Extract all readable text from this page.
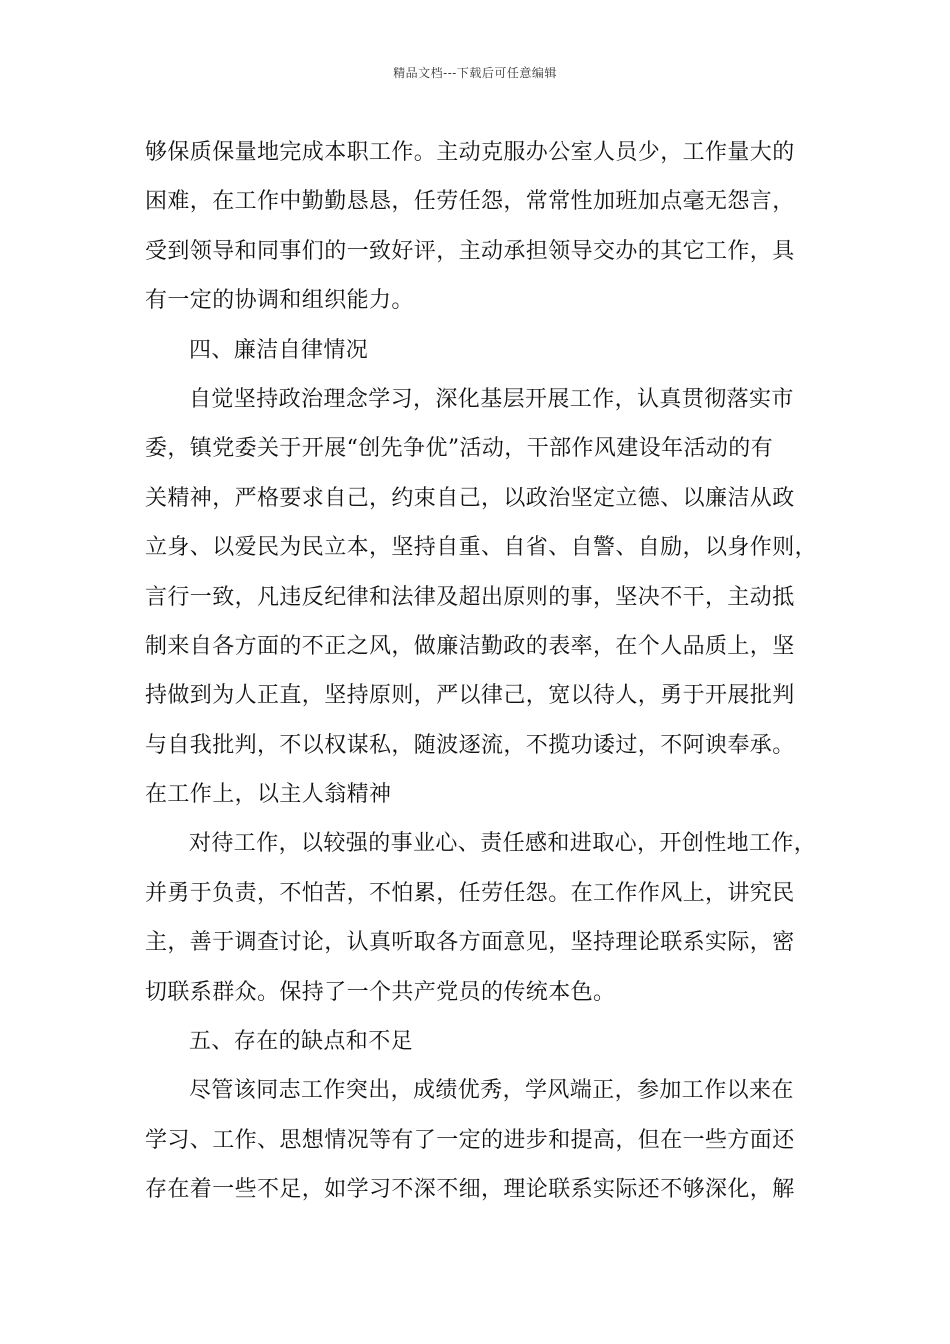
精品文档---下载后可任意编辑
够保质保量地完成本职工作。主动克服办公室人员少，工作量大的
困难，在工作中勤勤恳恳，任劳任怨，常常性加班加点毫无怨言，
受到领导和同事们的一致好评，主动承担领导交办的其它工作，具
有一定的协调和组织能力。
四、廉洁自律情况
自觉坚持政治理念学习，深化基层开展工作，认真贯彻落实市
委，镇党委关于开展“创先争优”活动，干部作风建设年活动的有
关精神，严格要求自己，约束自己，以政治坚定立德、以廉洁从政
立身、以爱民为民立本，坚持自重、自省、自警、自励，以身作则，
言行一致，凡违反纪律和法律及超出原则的事，坚决不干，主动抵
制来自各方面的不正之风，做廉洁勤政的表率，在个人品质上，坚
持做到为人正直，坚持原则，严以律己，宽以待人，勇于开展批判
与自我批判，不以权谋私，随波逐流，不揽功诿过，不阿谀奉承。
在工作上，以主人翁精神
对待工作，以较强的事业心、责任感和进取心，开创性地工作，
并勇于负责，不怕苦，不怕累，任劳任怨。在工作作风上，讲究民
主，善于调查讨论，认真听取各方面意见，坚持理论联系实际，密
切联系群众。保持了一个共产党员的传统本色。
五、存在的缺点和不足
尽管该同志工作突出，成绩优秀，学风端正，参加工作以来在
学习、工作、思想情况等有了一定的进步和提高，但在一些方面还
存在着一些不足，如学习不深不细，理论联系实际还不够深化，解
